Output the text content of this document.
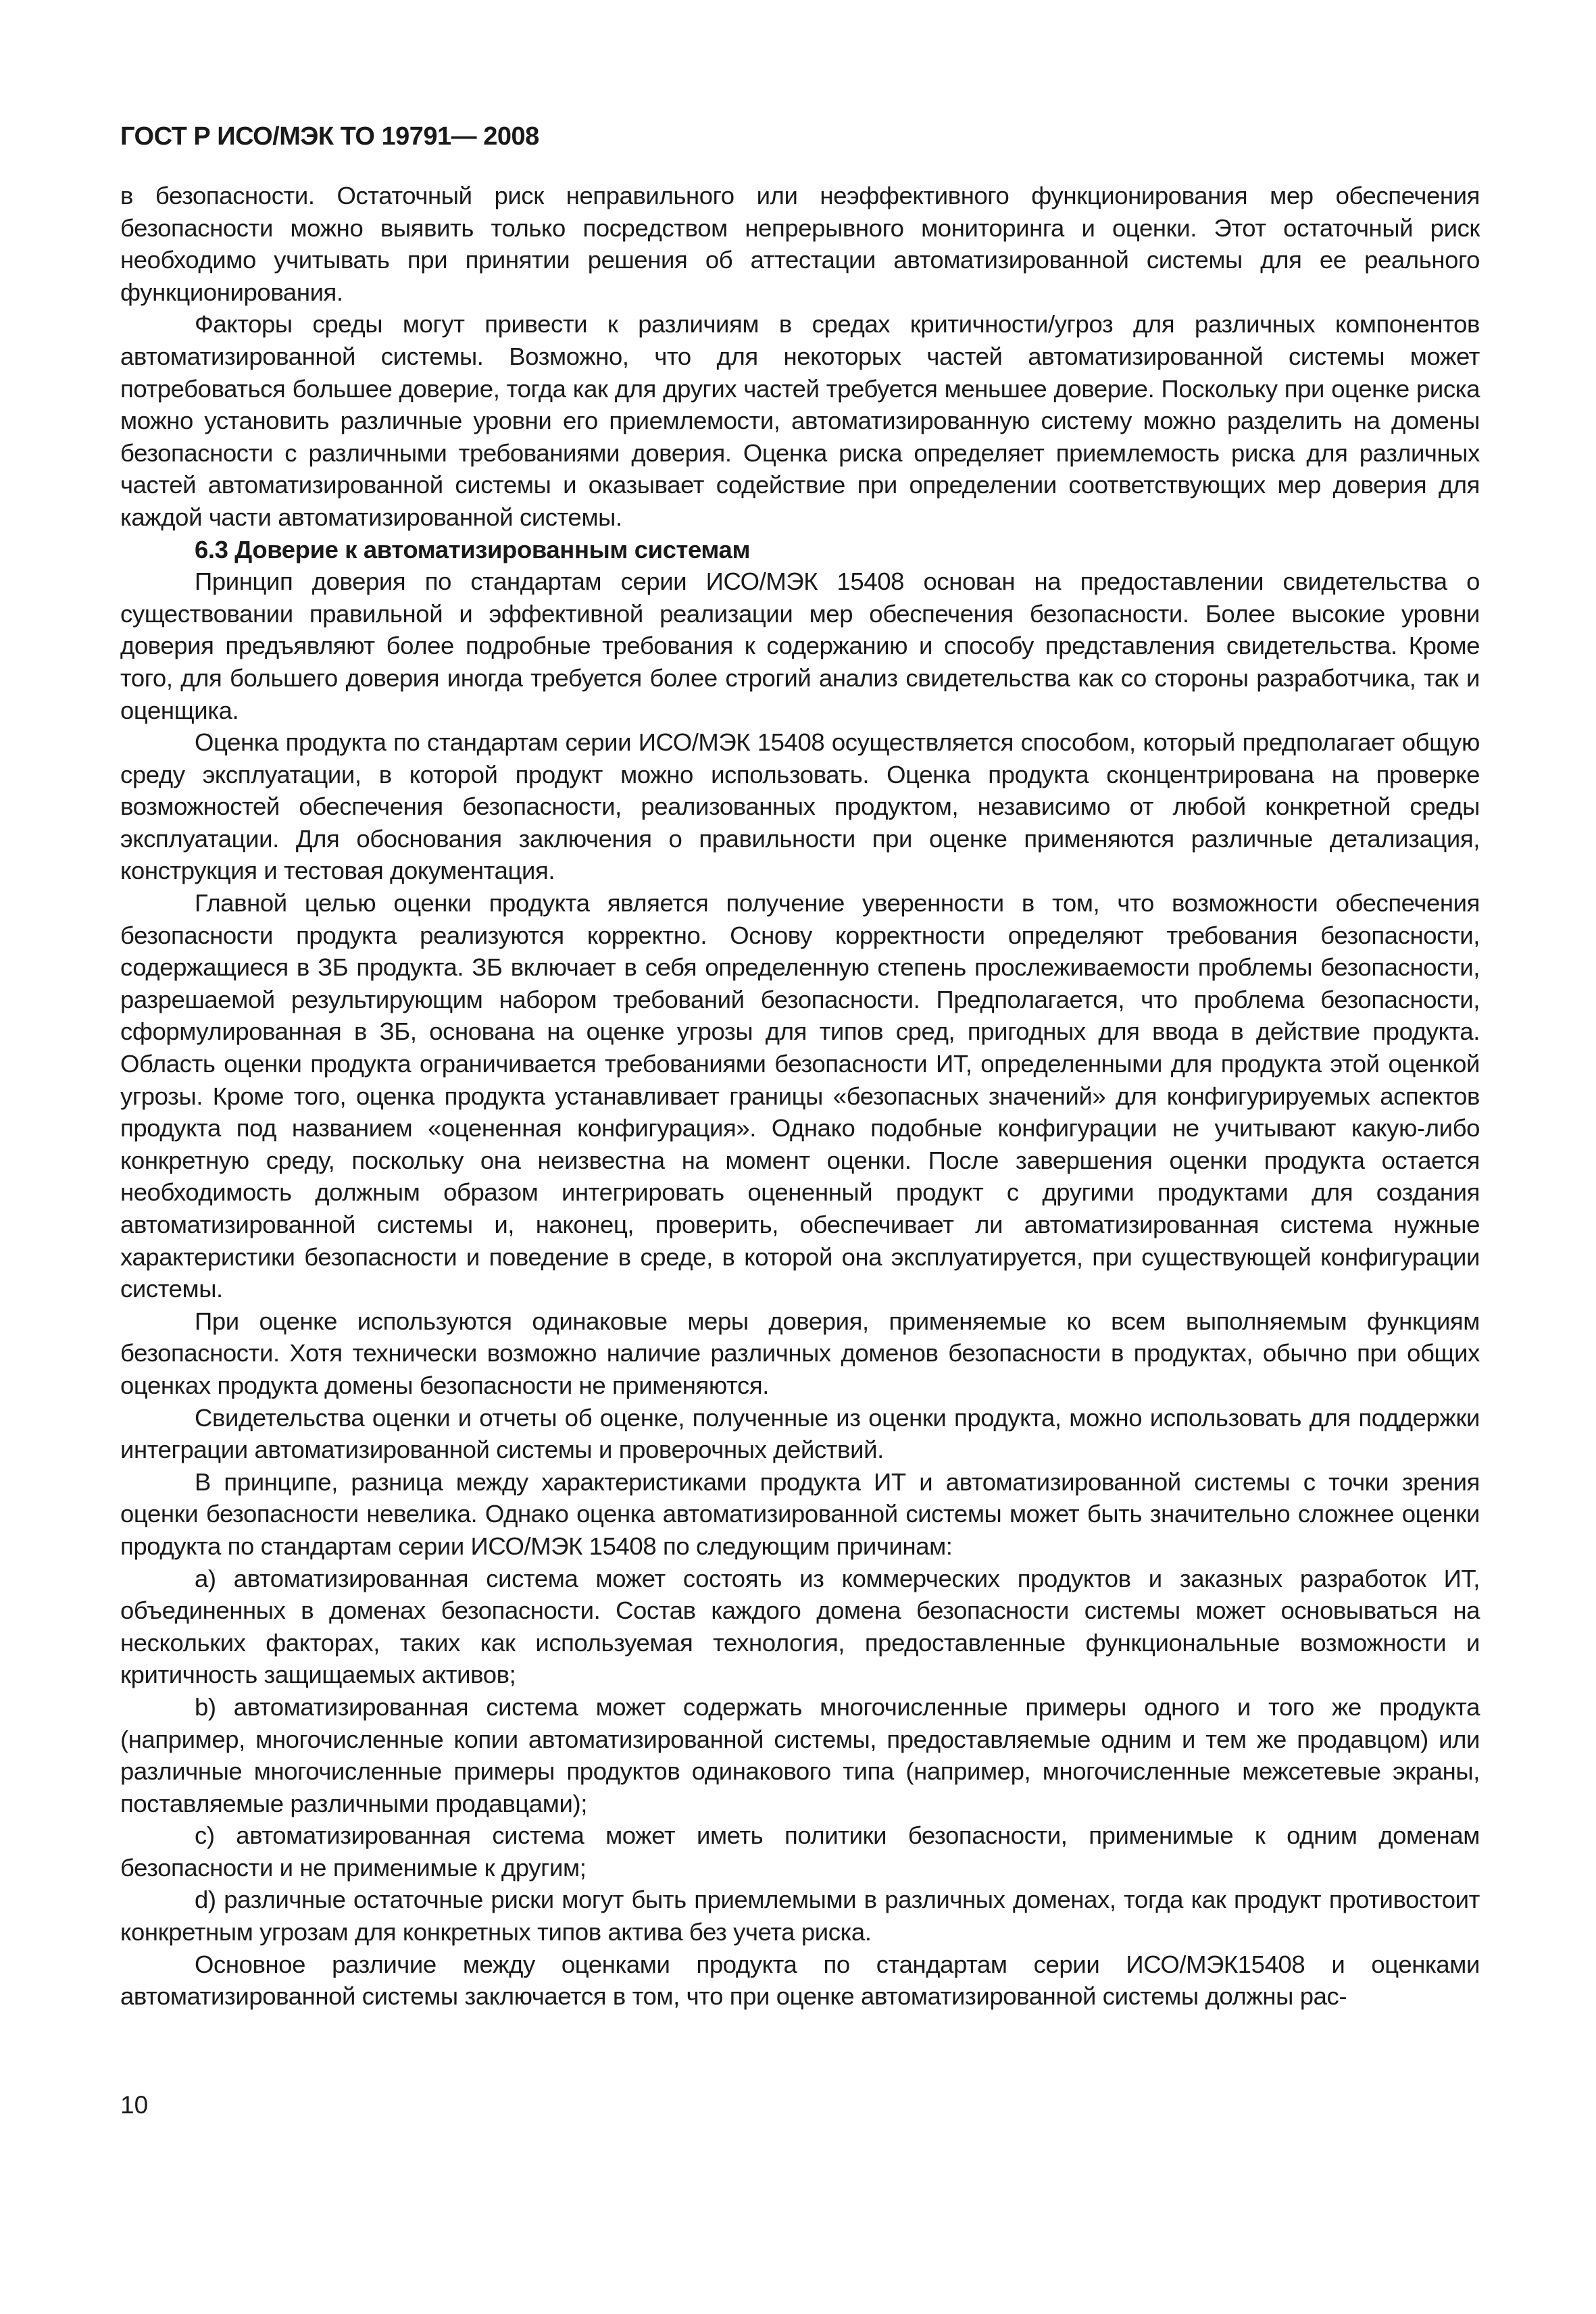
ГОСТ Р ИСО/МЭК ТО 19791— 2008

в безопасности. Остаточный риск неправильного или неэффективного функционирования мер обеспечения безопасности можно выявить только посредством непрерывного мониторинга и оценки. Этот остаточный риск необходимо учитывать при принятии решения об аттестации автоматизированной системы для ее реального функционирования.

Факторы среды могут привести к различиям в средах критичности/угроз для различных компонентов автоматизированной системы. Возможно, что для некоторых частей автоматизированной системы может потребоваться большее доверие, тогда как для других частей требуется меньшее доверие. Поскольку при оценке риска можно установить различные уровни его приемлемости, автоматизированную систему можно разделить на домены безопасности с различными требованиями доверия. Оценка риска определяет приемлемость риска для различных частей автоматизированной системы и оказывает содействие при определении соответствующих мер доверия для каждой части автоматизированной системы.

6.3 Доверие к автоматизированным системам

Принцип доверия по стандартам серии ИСО/МЭК 15408 основан на предоставлении свидетельства о существовании правильной и эффективной реализации мер обеспечения безопасности. Более высокие уровни доверия предъявляют более подробные требования к содержанию и способу представления свидетельства. Кроме того, для большего доверия иногда требуется более строгий анализ свидетельства как со стороны разработчика, так и оценщика.

Оценка продукта по стандартам серии ИСО/МЭК 15408 осуществляется способом, который предполагает общую среду эксплуатации, в которой продукт можно использовать. Оценка продукта сконцентрирована на проверке возможностей обеспечения безопасности, реализованных продуктом, независимо от любой конкретной среды эксплуатации. Для обоснования заключения о правильности при оценке применяются различные детализация, конструкция и тестовая документация.

Главной целью оценки продукта является получение уверенности в том, что возможности обеспечения безопасности продукта реализуются корректно. Основу корректности определяют требования безопасности, содержащиеся в ЗБ продукта. ЗБ включает в себя определенную степень прослеживаемости проблемы безопасности, разрешаемой результирующим набором требований безопасности. Предполагается, что проблема безопасности, сформулированная в ЗБ, основана на оценке угрозы для типов сред, пригодных для ввода в действие продукта. Область оценки продукта ограничивается требованиями безопасности ИТ, определенными для продукта этой оценкой угрозы. Кроме того, оценка продукта устанавливает границы «безопасных значений» для конфигурируемых аспектов продукта под названием «оцененная конфигурация». Однако подобные конфигурации не учитывают какую-либо конкретную среду, поскольку она неизвестна на момент оценки. После завершения оценки продукта остается необходимость должным образом интегрировать оцененный продукт с другими продуктами для создания автоматизированной системы и, наконец, проверить, обеспечивает ли автоматизированная система нужные характеристики безопасности и поведение в среде, в которой она эксплуатируется, при существующей конфигурации системы.

При оценке используются одинаковые меры доверия, применяемые ко всем выполняемым функциям безопасности. Хотя технически возможно наличие различных доменов безопасности в продуктах, обычно при общих оценках продукта домены безопасности не применяются.

Свидетельства оценки и отчеты об оценке, полученные из оценки продукта, можно использовать для поддержки интеграции автоматизированной системы и проверочных действий.

В принципе, разница между характеристиками продукта ИТ и автоматизированной системы с точки зрения оценки безопасности невелика. Однако оценка автоматизированной системы может быть значительно сложнее оценки продукта по стандартам серии ИСО/МЭК 15408 по следующим причинам:

a) автоматизированная система может состоять из коммерческих продуктов и заказных разработок ИТ, объединенных в доменах безопасности. Состав каждого домена безопасности системы может основываться на нескольких факторах, таких как используемая технология, предоставленные функциональные возможности и критичность защищаемых активов;

b) автоматизированная система может содержать многочисленные примеры одного и того же продукта (например, многочисленные копии автоматизированной системы, предоставляемые одним и тем же продавцом) или различные многочисленные примеры продуктов одинакового типа (например, многочисленные межсетевые экраны, поставляемые различными продавцами);

c) автоматизированная система может иметь политики безопасности, применимые к одним доменам безопасности и не применимые к другим;

d) различные остаточные риски могут быть приемлемыми в различных доменах, тогда как продукт противостоит конкретным угрозам для конкретных типов актива без учета риска.

Основное различие между оценками продукта по стандартам серии ИСО/МЭК15408 и оценками автоматизированной системы заключается в том, что при оценке автоматизированной системы должны рас-

10
